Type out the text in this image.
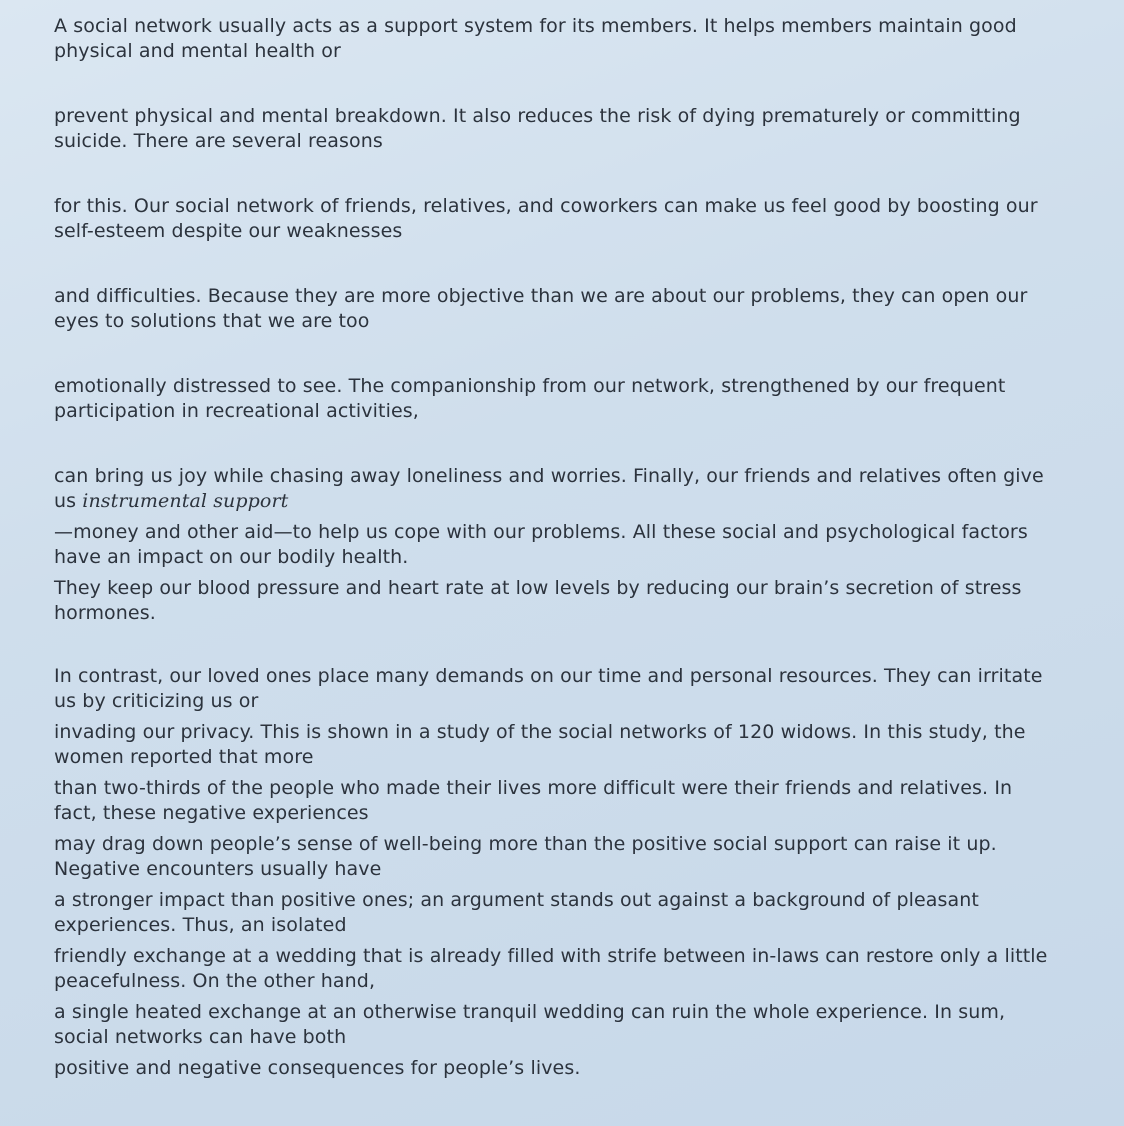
A social network usually acts as a support system for its members. It helps members maintain good physical and mental health or

prevent physical and mental breakdown. It also reduces the risk of dying prematurely or committing suicide. There are several reasons

for this. Our social network of friends, relatives, and coworkers can make us feel good by boosting our self-esteem despite our weaknesses

and difficulties. Because they are more objective than we are about our problems, they can open our eyes to solutions that we are too

emotionally distressed to see. The companionship from our network, strengthened by our frequent participation in recreational activities,

can bring us joy while chasing away loneliness and worries. Finally, our friends and relatives often give us instrumental support

—money and other aid—to help us cope with our problems. All these social and psychological factors have an impact on our bodily health.

They keep our blood pressure and heart rate at low levels by reducing our brain’s secretion of stress hormones.

In contrast, our loved ones place many demands on our time and personal resources. They can irritate us by criticizing us or

invading our privacy. This is shown in a study of the social networks of 120 widows. In this study, the women reported that more

than two-thirds of the people who made their lives more difficult were their friends and relatives. In fact, these negative experiences

may drag down people’s sense of well-being more than the positive social support can raise it up. Negative encounters usually have

a stronger impact than positive ones; an argument stands out against a background of pleasant experiences. Thus, an isolated

friendly exchange at a wedding that is already filled with strife between in-laws can restore only a little peacefulness. On the other hand,

a single heated exchange at an otherwise tranquil wedding can ruin the whole experience. In sum, social networks can have both

positive and negative consequences for people’s lives.
